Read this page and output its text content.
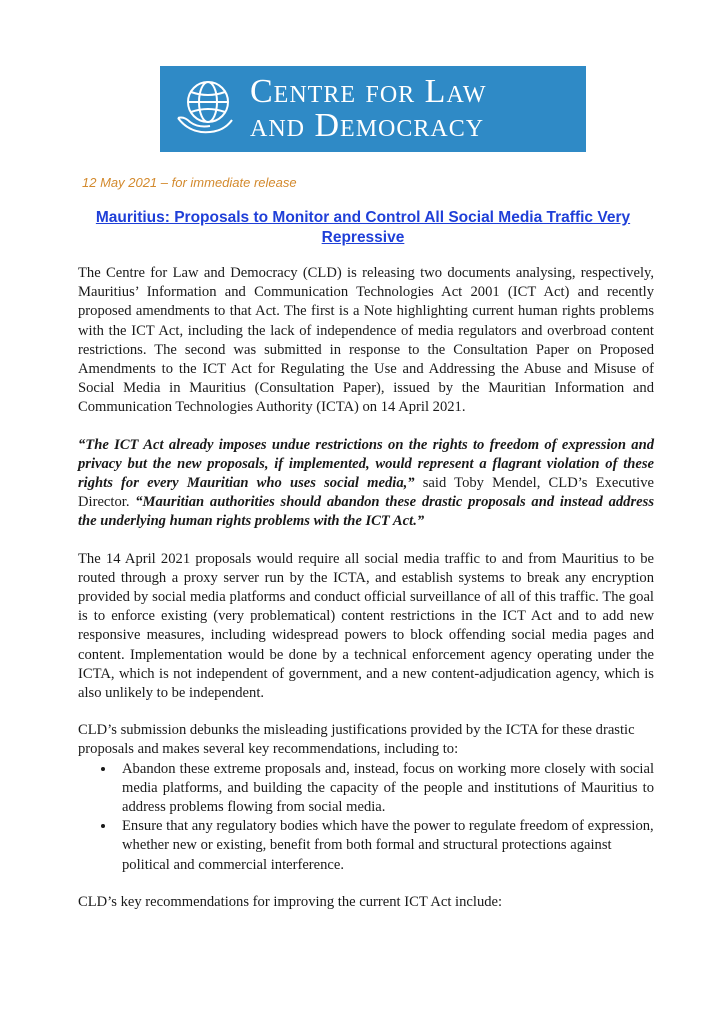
Centre for Law
and Democracy
12 May 2021 – for immediate release
Mauritius: Proposals to Monitor and Control All Social Media Traffic Very Repressive

The Centre for Law and Democracy (CLD) is releasing two documents analysing, respectively, Mauritius’ Information and Communication Technologies Act 2001 (ICT Act) and recently proposed amendments to that Act. The first is a Note highlighting current human rights problems with the ICT Act, including the lack of independence of media regulators and overbroad content restrictions. The second was submitted in response to the Consultation Paper on Proposed Amendments to the ICT Act for Regulating the Use and Addressing the Abuse and Misuse of Social Media in Mauritius (Consultation Paper), issued by the Mauritian Information and Communication Technologies Authority (ICTA) on 14 April 2021.

“The ICT Act already imposes undue restrictions on the rights to freedom of expression and privacy but the new proposals, if implemented, would represent a flagrant violation of these rights for every Mauritian who uses social media,” said Toby Mendel, CLD’s Executive Director. “Mauritian authorities should abandon these drastic proposals and instead address the underlying human rights problems with the ICT Act.”

The 14 April 2021 proposals would require all social media traffic to and from Mauritius to be routed through a proxy server run by the ICTA, and establish systems to break any encryption provided by social media platforms and conduct official surveillance of all of this traffic. The goal is to enforce existing (very problematical) content restrictions in the ICT Act and to add new responsive measures, including widespread powers to block offending social media pages and content. Implementation would be done by a technical enforcement agency operating under the ICTA, which is not independent of government, and a new content-adjudication agency, which is also unlikely to be independent.

CLD’s submission debunks the misleading justifications provided by the ICTA for these drastic proposals and makes several key recommendations, including to:

• Abandon these extreme proposals and, instead, focus on working more closely with social media platforms, and building the capacity of the people and institutions of Mauritius to address problems flowing from social media.
• Ensure that any regulatory bodies which have the power to regulate freedom of expression, whether new or existing, benefit from both formal and structural protections against political and commercial interference.

CLD’s key recommendations for improving the current ICT Act include:
